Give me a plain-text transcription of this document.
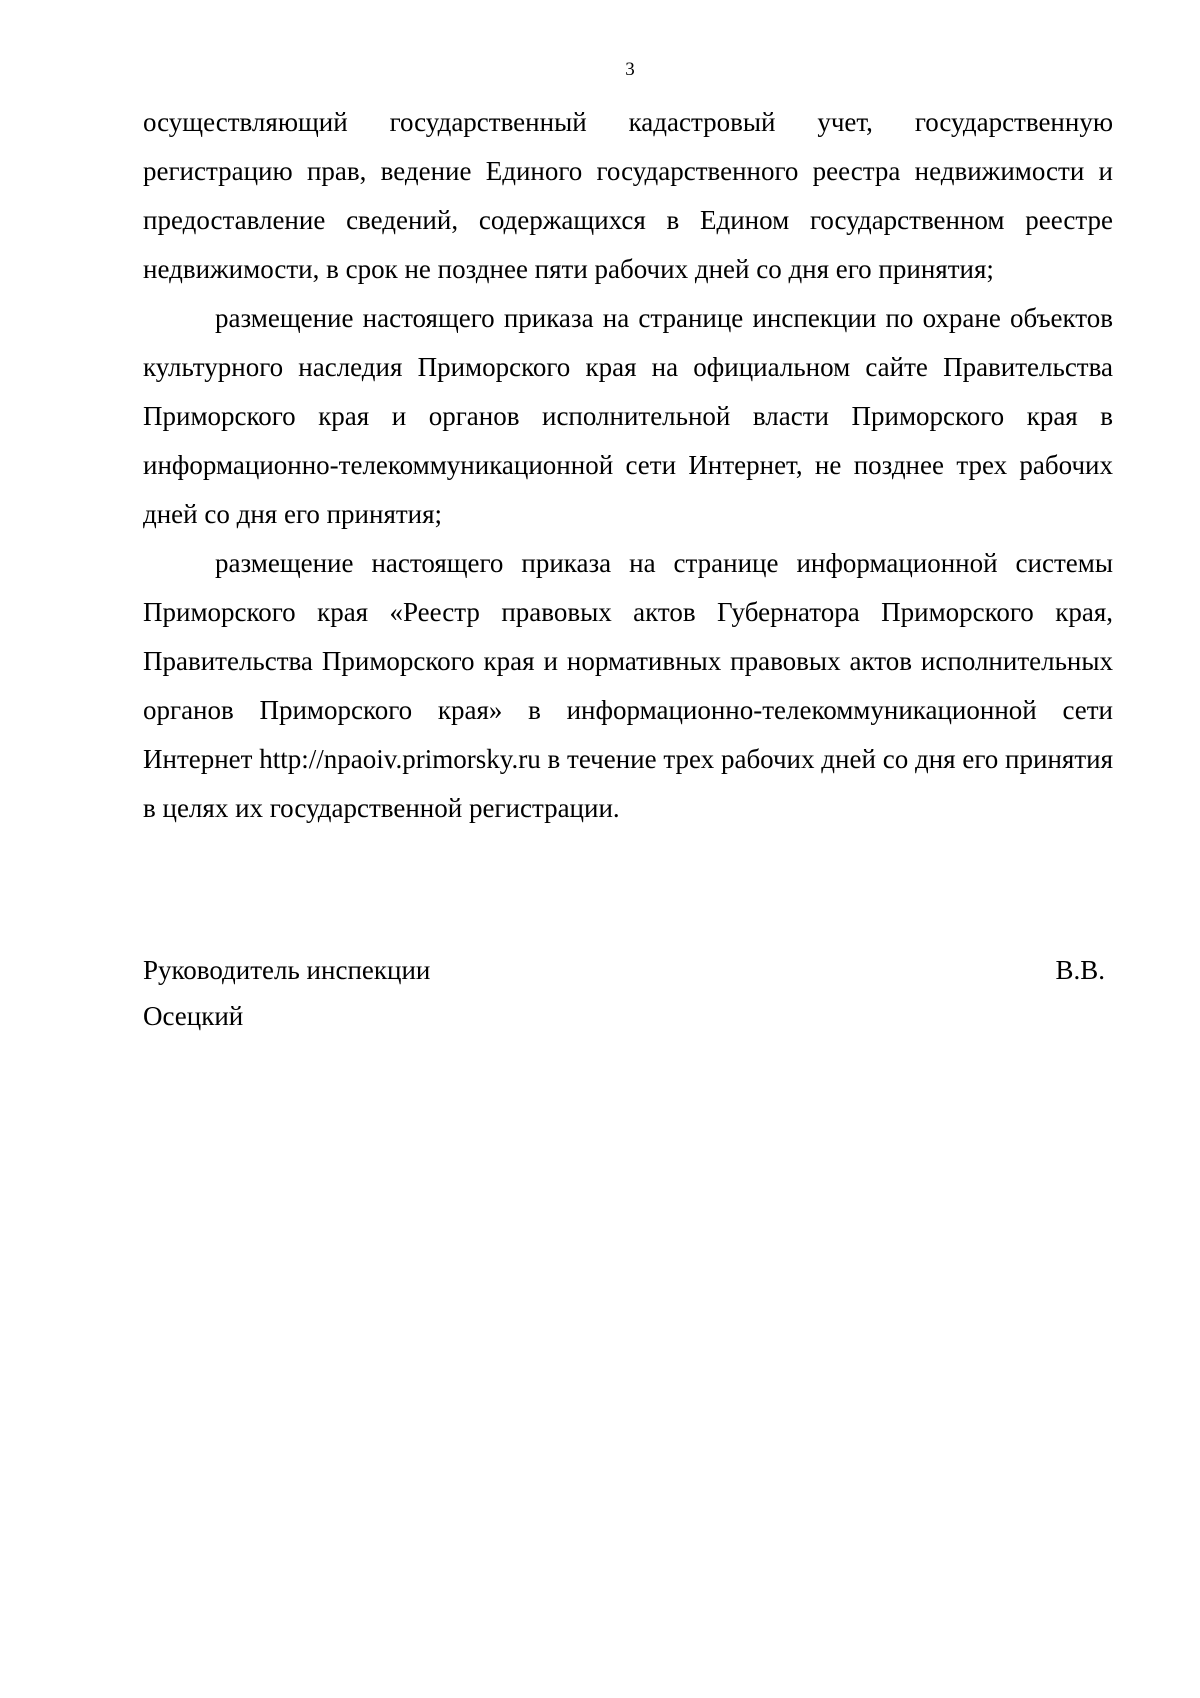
3

осуществляющий государственный кадастровый учет, государственную регистрацию прав, ведение Единого государственного реестра недвижимости и предоставление сведений, содержащихся в Едином государственном реестре недвижимости, в срок не позднее пяти рабочих дней со дня его принятия;

размещение настоящего приказа на странице инспекции по охране объектов культурного наследия Приморского края на официальном сайте Правительства Приморского края и органов исполнительной власти Приморского края в информационно-телекоммуникационной сети Интернет, не позднее трех рабочих дней со дня его принятия;

размещение настоящего приказа на странице информационной системы Приморского края «Реестр правовых актов Губернатора Приморского края, Правительства Приморского края и нормативных правовых актов исполнительных органов Приморского края» в информационно-телекоммуникационной сети Интернет http://npaoiv.primorsky.ru в течение трех рабочих дней со дня его принятия в целях их государственной регистрации.

Руководитель инспекции	В.В.
Осецкий
